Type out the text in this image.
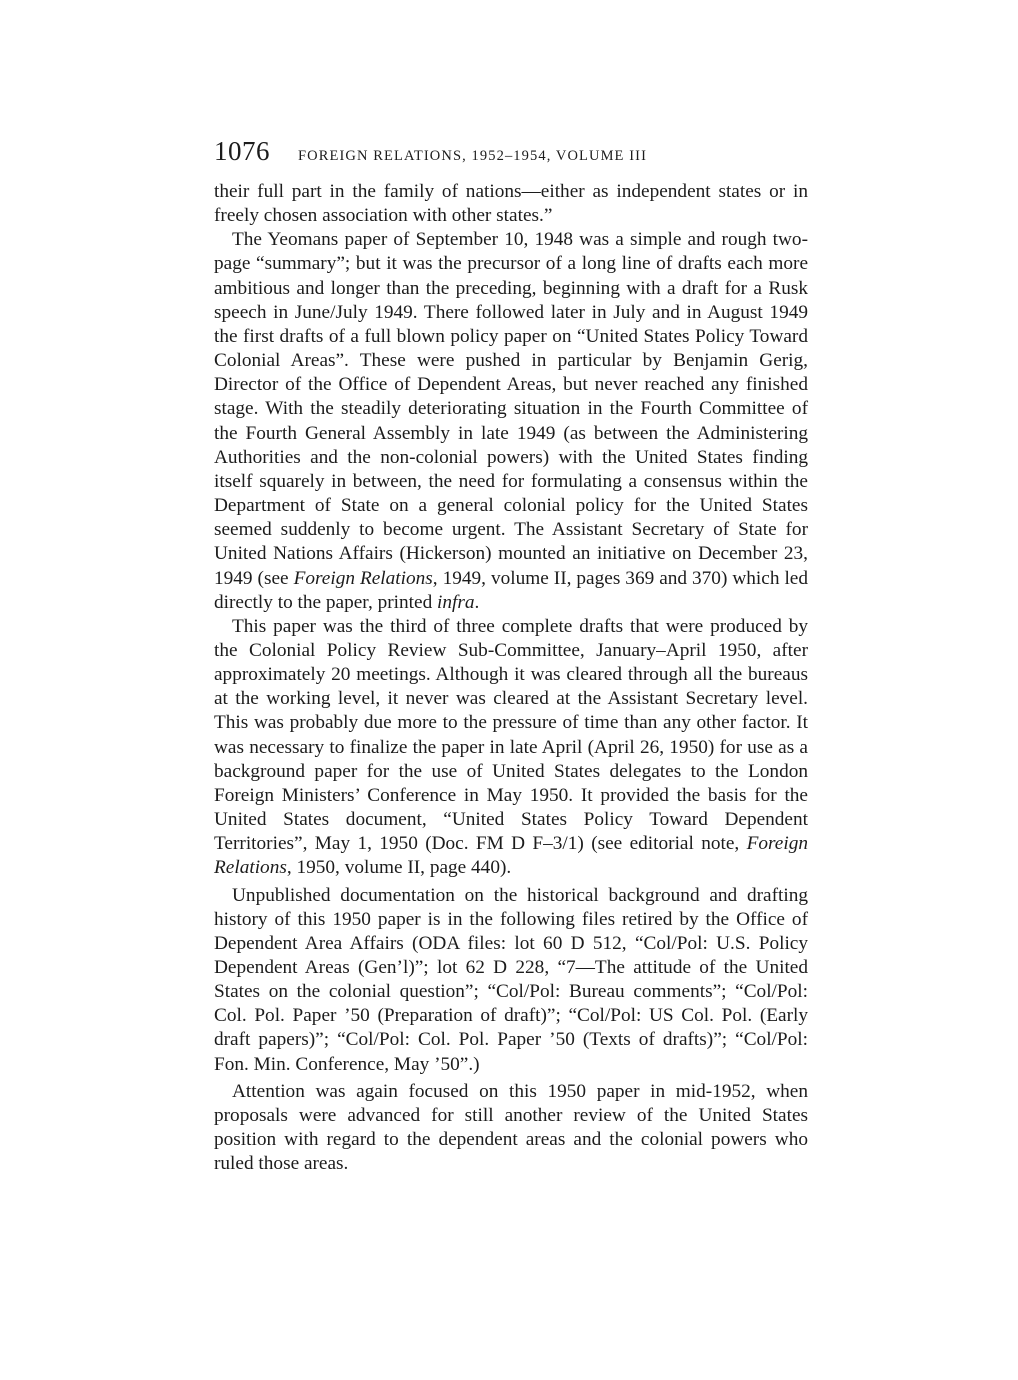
1076 FOREIGN RELATIONS, 1952–1954, VOLUME III

their full part in the family of nations—either as independent states or in freely chosen association with other states.”

The Yeomans paper of September 10, 1948 was a simple and rough two-page “summary”; but it was the precursor of a long line of drafts each more ambitious and longer than the preceding, beginning with a draft for a Rusk speech in June/July 1949. There followed later in July and in August 1949 the first drafts of a full blown policy paper on “United States Policy Toward Colonial Areas”. These were pushed in particular by Benjamin Gerig, Director of the Office of Dependent Areas, but never reached any finished stage. With the steadily deteriorating situation in the Fourth Committee of the Fourth General Assembly in late 1949 (as between the Administering Authorities and the non-colonial powers) with the United States finding itself squarely in between, the need for formulating a consensus within the Department of State on a general colonial policy for the United States seemed suddenly to become urgent. The Assistant Secretary of State for United Nations Affairs (Hickerson) mounted an initiative on December 23, 1949 (see Foreign Relations, 1949, volume II, pages 369 and 370) which led directly to the paper, printed infra.

This paper was the third of three complete drafts that were produced by the Colonial Policy Review Sub-Committee, January–April 1950, after approximately 20 meetings. Although it was cleared through all the bureaus at the working level, it never was cleared at the Assistant Secretary level. This was probably due more to the pressure of time than any other factor. It was necessary to finalize the paper in late April (April 26, 1950) for use as a background paper for the use of United States delegates to the London Foreign Ministers’ Conference in May 1950. It provided the basis for the United States document, “United States Policy Toward Dependent Territories”, May 1, 1950 (Doc. FM D F–3/1) (see editorial note, Foreign Relations, 1950, volume II, page 440).

Unpublished documentation on the historical background and drafting history of this 1950 paper is in the following files retired by the Office of Dependent Area Affairs (ODA files: lot 60 D 512, “Col/Pol: U.S. Policy Dependent Areas (Gen’l)”; lot 62 D 228, “7—The attitude of the United States on the colonial question”; “Col/Pol: Bureau comments”; “Col/Pol: Col. Pol. Paper ’50 (Preparation of draft)”; “Col/Pol: US Col. Pol. (Early draft papers)”; “Col/Pol: Col. Pol. Paper ’50 (Texts of drafts)”; “Col/Pol: Fon. Min. Conference, May ’50”.)

Attention was again focused on this 1950 paper in mid-1952, when proposals were advanced for still another review of the United States position with regard to the dependent areas and the colonial powers who ruled those areas.
